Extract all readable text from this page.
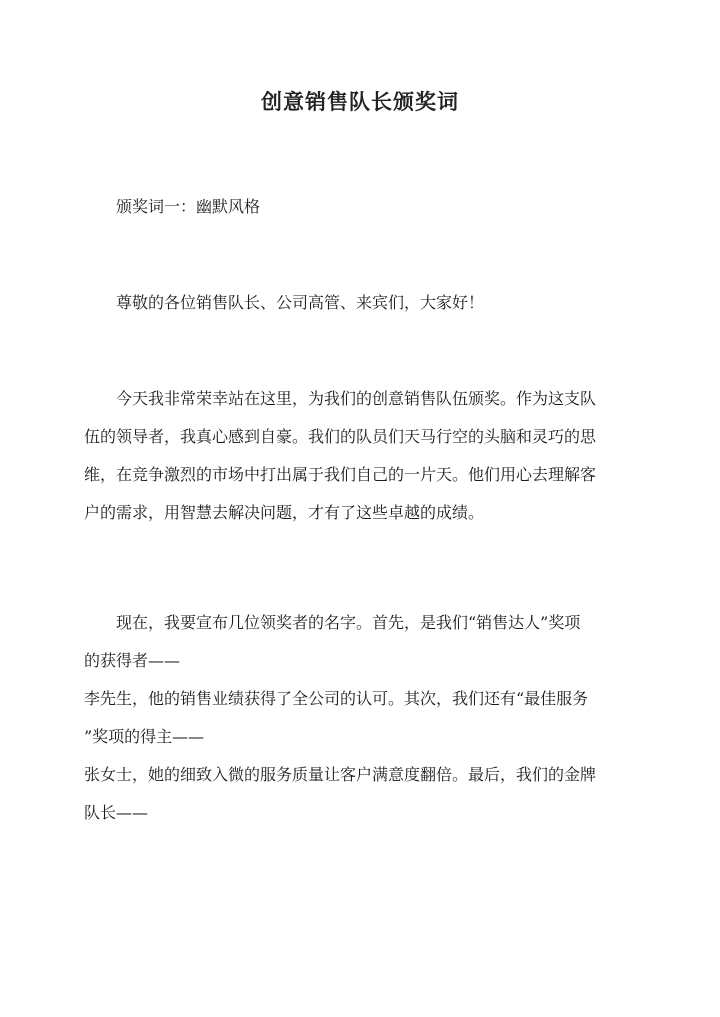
创意销售队长颁奖词
颁奖词一：幽默风格
尊敬的各位销售队长、公司高管、来宾们，大家好！
今天我非常荣幸站在这里，为我们的创意销售队伍颁奖。作为这支队
伍的领导者，我真心感到自豪。我们的队员们天马行空的头脑和灵巧的思
维，在竞争激烈的市场中打出属于我们自己的一片天。他们用心去理解客
户的需求，用智慧去解决问题，才有了这些卓越的成绩。
现在，我要宣布几位领奖者的名字。首先，是我们“销售达人”奖项
的获得者——
李先生，他的销售业绩获得了全公司的认可。其次，我们还有“最佳服务
”奖项的得主——
张女士，她的细致入微的服务质量让客户满意度翻倍。最后，我们的金牌
队长——
